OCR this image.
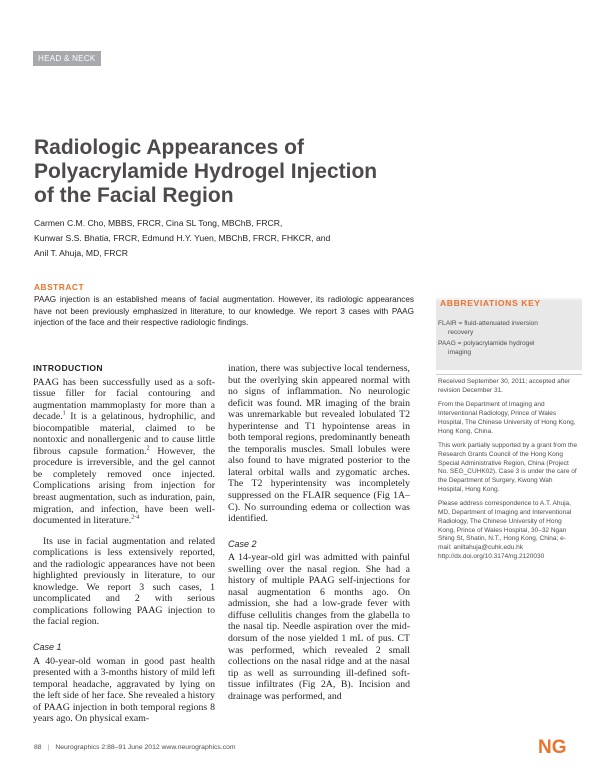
HEAD & NECK
Radiologic Appearances of
Polyacrylamide Hydrogel Injection
of the Facial Region
Carmen C.M. Cho, MBBS, FRCR, Cina SL Tong, MBChB, FRCR,
Kunwar S.S. Bhatia, FRCR, Edmund H.Y. Yuen, MBChB, FRCR, FHKCR, and
Anil T. Ahuja, MD, FRCR
ABSTRACT
PAAG injection is an established means of facial augmentation. However, its radiologic appearances have not been previously emphasized in literature, to our knowledge. We report 3 cases with PAAG injection of the face and their respective radiologic findings.
ABBREVIATIONS KEY
FLAIR = fluid-attenuated inversion
recovery
PAAG = polyacrylamide hydrogel
imaging

Received September 30, 2011; accepted after revision December 31.

From the Department of Imaging and Interventional Radiology, Prince of Wales Hospital, The Chinese University of Hong Kong, Hong Kong, China.

This work partially supported by a grant from the Research Grants Council of the Hong Kong Special Administrative Region, China (Project No. SEG_CUHK02). Case 3 is under the care of the Department of Surgery, Kwong Wah Hospital, Hong Kong.

Please address correspondence to A.T. Ahuja, MD, Department of Imaging and Interventional Radiology, The Chinese University of Hong Kong, Prince of Wales Hospital, 30–32 Ngan Shing St, Shatin, N.T., Hong Kong, China; e-mail: aniltahuja@cuhk.edu.hk
http://dx.doi.org/10.3174/ng.2120030

INTRODUCTION

PAAG has been successfully used as a soft-tissue filler for facial contouring and augmentation mammoplasty for more than a decade.$^1$ It is a gelatinous, hydrophilic, and biocompatible material, claimed to be nontoxic and nonallergenic and to cause little fibrous capsule formation.$^2$ However, the procedure is irreversible, and the gel cannot be completely removed once injected. Complications arising from injection for breast augmentation, such as induration, pain, migration, and infection, have been well-documented in literature.$^{2-4}$

Its use in facial augmentation and related complications is less extensively reported, and the radiologic appearances have not been highlighted previously in literature, to our knowledge. We report 3 such cases, 1 uncomplicated and 2 with serious complications following PAAG injection to the facial region.

Case 1

A 40-year-old woman in good past health presented with a 3-months history of mild left temporal headache, aggravated by lying on the left side of her face. She revealed a history of PAAG injection in both temporal regions 8 years ago. On physical exam-

ination, there was subjective local tenderness, but the overlying skin appeared normal with no signs of inflammation. No neurologic deficit was found. MR imaging of the brain was unremarkable but revealed lobulated T2 hyperintense and T1 hypointense areas in both temporal regions, predominantly beneath the temporalis muscles. Small lobules were also found to have migrated posterior to the lateral orbital walls and zygomatic arches. The T2 hyperintensity was incompletely suppressed on the FLAIR sequence (Fig 1A–C). No surrounding edema or collection was identified.

Case 2

A 14-year-old girl was admitted with painful swelling over the nasal region. She had a history of multiple PAAG self-injections for nasal augmentation 6 months ago. On admission, she had a low-grade fever with diffuse cellulitis changes from the glabella to the nasal tip. Needle aspiration over the mid-dorsum of the nose yielded 1 mL of pus. CT was performed, which revealed 2 small collections on the nasal ridge and at the nasal tip as well as surrounding ill-defined soft-tissue infiltrates (Fig 2A, B). Incision and drainage was performed, and

88 | Neurographics 2:88–91 June 2012 www.neurographics.com	NG
